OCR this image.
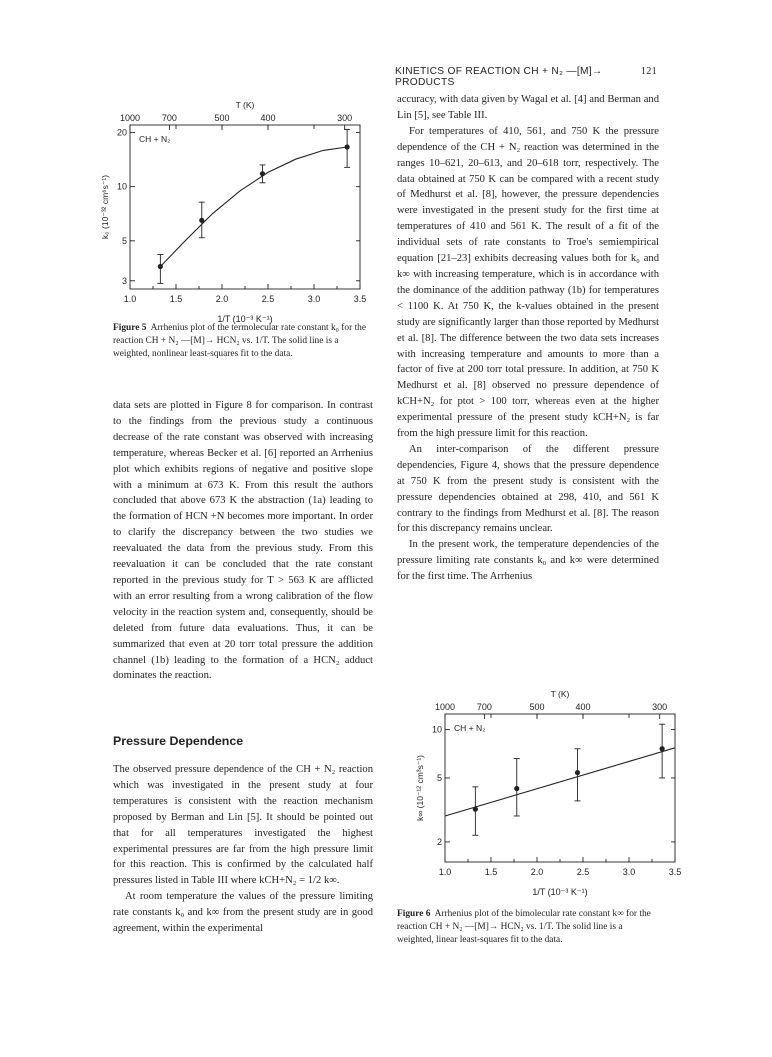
KINETICS OF REACTION CH + N₂ —[M]→ PRODUCTS
121
1.0	1.5	2.0	2.5	3.0	3.5
1000 700	500	400	300
3
5
10
20
T (K)
1/T (10⁻³ K⁻¹)
k₀ (10⁻³² cm⁶s⁻¹)
CH + N₂
Figure 5 Arrhenius plot of the termolecular rate constant k₀ for the reaction CH + N₂ —[M]→ HCN₂ vs. 1/T. The solid line is a weighted, nonlinear least-squares fit to the data.

data sets are plotted in Figure 8 for comparison. In contrast to the findings from the previous study a continuous decrease of the rate constant was observed with increasing temperature, whereas Becker et al. [6] reported an Arrhenius plot which exhibits regions of negative and positive slope with a minimum at 673 K. From this result the authors concluded that above 673 K the abstraction (1a) leading to the formation of HCN +N becomes more important. In order to clarify the discrepancy between the two studies we reevaluated the data from the previous study. From this reevaluation it can be concluded that the rate constant reported in the previous study for T > 563 K are afflicted with an error resulting from a wrong calibration of the flow velocity in the reaction system and, consequently, should be deleted from future data evaluations. Thus, it can be summarized that even at 20 torr total pressure the addition channel (1b) leading to the formation of a HCN₂ adduct dominates the reaction.

Pressure Dependence

The observed pressure dependence of the CH + N₂ reaction which was investigated in the present study at four temperatures is consistent with the reaction mechanism proposed by Berman and Lin [5]. It should be pointed out that for all temperatures investigated the highest experimental pressures are far from the high pressure limit for this reaction. This is confirmed by the calculated half pressures listed in Table III where kCH+N₂ = 1/2 k∞.

At room temperature the values of the pressure limiting rate constants k₀ and k∞ from the present study are in good agreement, within the experimental

accuracy, with data given by Wagal et al. [4] and Berman and Lin [5], see Table III.

For temperatures of 410, 561, and 750 K the pressure dependence of the CH + N₂ reaction was determined in the ranges 10–621, 20–613, and 20–618 torr, respectively. The data obtained at 750 K can be compared with a recent study of Medhurst et al. [8], however, the pressure dependencies were investigated in the present study for the first time at temperatures of 410 and 561 K. The result of a fit of the individual sets of rate constants to Troe's semiempirical equation [21–23] exhibits decreasing values both for k₀ and k∞ with increasing temperature, which is in accordance with the dominance of the addition pathway (1b) for temperatures < 1100 K. At 750 K, the k-values obtained in the present study are significantly larger than those reported by Medhurst et al. [8]. The difference between the two data sets increases with increasing temperature and amounts to more than a factor of five at 200 torr total pressure. In addition, at 750 K Medhurst et al. [8] observed no pressure dependence of kCH+N₂ for ptot > 100 torr, whereas even at the higher experimental pressure of the present study kCH+N₂ is far from the high pressure limit for this reaction.

An inter-comparison of the different pressure dependencies, Figure 4, shows that the pressure dependence at 750 K from the present study is consistent with the pressure dependencies obtained at 298, 410, and 561 K contrary to the findings from Medhurst et al. [8]. The reason for this discrepancy remains unclear.

In the present work, the temperature dependencies of the pressure limiting rate constants k₀ and k∞ were determined for the first time. The Arrhenius

1.0	1.5	2.0	2.5	3.0	3.5
1000 700	500	400	300
2
5
10
T (K)
1/T (10⁻³ K⁻¹)
k∞ (10⁻¹² cm³s⁻¹)
CH + N₂
Figure 6 Arrhenius plot of the bimolecular rate constant k∞ for the reaction CH + N₂ —[M]→ HCN₂ vs. 1/T. The solid line is a weighted, linear least-squares fit to the data.
